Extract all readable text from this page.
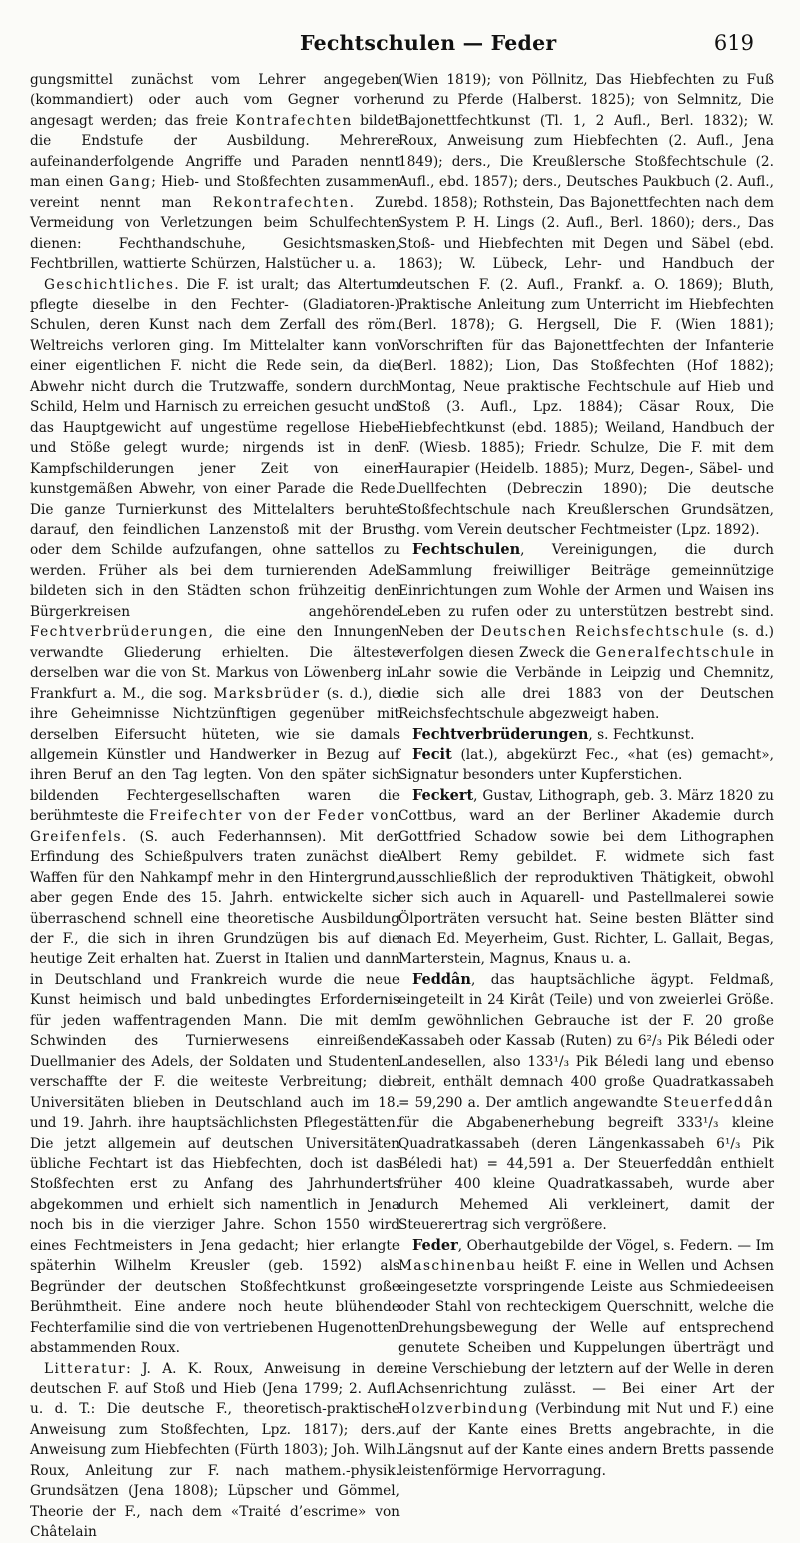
Fechtschulen — Feder	619

gungsmittel zunächst vom Lehrer angegeben (kommandiert) oder auch vom Gegner vorher angesagt werden; das freie Kontrafechten bildet die Endstufe der Ausbildung. Mehrere aufeinanderfolgende Angriffe und Paraden nennt man einen Gang; Hieb- und Stoßfechten zusammen vereint nennt man Rekontrafechten. Zur Vermeidung von Verletzungen beim Schulfechten dienen: Fechthandschuhe, Gesichtsmasken, Fechtbrillen, wattierte Schürzen, Halstücher u. a.

Geschichtliches. Die F. ist uralt; das Altertum pflegte dieselbe in den Fechter- (Gladiatoren-) Schulen, deren Kunst nach dem Zerfall des röm. Weltreichs verloren ging. Im Mittelalter kann von einer eigentlichen F. nicht die Rede sein, da die Abwehr nicht durch die Trutzwaffe, sondern durch Schild, Helm und Harnisch zu erreichen gesucht und das Hauptgewicht auf ungestüme regellose Hiebe und Stöße gelegt wurde; nirgends ist in den Kampfschilderungen jener Zeit von einer kunstgemäßen Abwehr, von einer Parade die Rede. Die ganze Turnierkunst des Mittelalters beruhte darauf, den feindlichen Lanzenstoß mit der Brust oder dem Schilde aufzufangen, ohne sattellos zu werden. Früher als bei dem turnierenden Adel bildeten sich in den Städten schon frühzeitig den Bürgerkreisen angehörende Fechtverbrüderungen, die eine den Innungen verwandte Gliederung erhielten. Die älteste derselben war die von St. Markus von Löwenberg in Frankfurt a. M., die sog. Marksbrüder (s. d.), die ihre Geheimnisse Nichtzünftigen gegenüber mit derselben Eifersucht hüteten, wie sie damals allgemein Künstler und Handwerker in Bezug auf ihren Beruf an den Tag legten. Von den später sich bildenden Fechtergesellschaften waren die berühmteste die Freifechter von der Feder von Greifenfels. (S. auch Federhannsen). Mit der Erfindung des Schießpulvers traten zunächst die Waffen für den Nahkampf mehr in den Hintergrund, aber gegen Ende des 15. Jahrh. entwickelte sich überraschend schnell eine theoretische Ausbildung der F., die sich in ihren Grundzügen bis auf die heutige Zeit erhalten hat. Zuerst in Italien und dann in Deutschland und Frankreich wurde die neue Kunst heimisch und bald unbedingtes Erfordernis für jeden waffentragenden Mann. Die mit dem Schwinden des Turnierwesens einreißende Duellmanier des Adels, der Soldaten und Studenten verschaffte der F. die weiteste Verbreitung; die Universitäten blieben in Deutschland auch im 18. und 19. Jahrh. ihre hauptsächlichsten Pflegestätten. Die jetzt allgemein auf deutschen Universitäten übliche Fechtart ist das Hiebfechten, doch ist das Stoßfechten erst zu Anfang des Jahrhunderts abgekommen und erhielt sich namentlich in Jena noch bis in die vierziger Jahre. Schon 1550 wird eines Fechtmeisters in Jena gedacht; hier erlangte späterhin Wilhelm Kreusler (geb. 1592) als Begründer der deutschen Stoßfechtkunst große Berühmtheit. Eine andere noch heute blühende Fechterfamilie sind die von vertriebenen Hugenotten abstammenden Roux.

Litteratur: J. A. K. Roux, Anweisung in der deutschen F. auf Stoß und Hieb (Jena 1799; 2. Aufl. u. d. T.: Die deutsche F., theoretisch-praktische Anweisung zum Stoßfechten, Lpz. 1817); ders., Anweisung zum Hiebfechten (Fürth 1803); Joh. Wilh. Roux, Anleitung zur F. nach mathem.-physik. Grundsätzen (Jena 1808); Lüpscher und Gömmel, Theorie der F., nach dem «Traité d’escrime» von Châtelain

(Wien 1819); von Pöllnitz, Das Hiebfechten zu Fuß und zu Pferde (Halberst. 1825); von Selmnitz, Die Bajonettfechtkunst (Tl. 1, 2 Aufl., Berl. 1832); W. Roux, Anweisung zum Hiebfechten (2. Aufl., Jena 1849); ders., Die Kreußlersche Stoßfechtschule (2. Aufl., ebd. 1857); ders., Deutsches Paukbuch (2. Aufl., ebd. 1858); Rothstein, Das Bajonettfechten nach dem System P. H. Lings (2. Aufl., Berl. 1860); ders., Das Stoß- und Hiebfechten mit Degen und Säbel (ebd. 1863); W. Lübeck, Lehr- und Handbuch der deutschen F. (2. Aufl., Frankf. a. O. 1869); Bluth, Praktische Anleitung zum Unterricht im Hiebfechten (Berl. 1878); G. Hergsell, Die F. (Wien 1881); Vorschriften für das Bajonettfechten der Infanterie (Berl. 1882); Lion, Das Stoßfechten (Hof 1882); Montag, Neue praktische Fechtschule auf Hieb und Stoß (3. Aufl., Lpz. 1884); Cäsar Roux, Die Hiebfechtkunst (ebd. 1885); Weiland, Handbuch der F. (Wiesb. 1885); Friedr. Schulze, Die F. mit dem Haurapier (Heidelb. 1885); Murz, Degen-, Säbel- und Duellfechten (Debreczin 1890); Die deutsche Stoßfechtschule nach Kreußlerschen Grundsätzen, hg. vom Verein deutscher Fechtmeister (Lpz. 1892).

Fechtschulen, Vereinigungen, die durch Sammlung freiwilliger Beiträge gemeinnützige Einrichtungen zum Wohle der Armen und Waisen ins Leben zu rufen oder zu unterstützen bestrebt sind. Neben der Deutschen Reichsfechtschule (s. d.) verfolgen diesen Zweck die Generalfechtschule in Lahr sowie die Verbände in Leipzig und Chemnitz, die sich alle drei 1883 von der Deutschen Reichsfechtschule abgezweigt haben.

Fechtverbrüderungen, s. Fechtkunst.

Fecit (lat.), abgekürzt Fec., «hat (es) gemacht», Signatur besonders unter Kupferstichen.

Feckert, Gustav, Lithograph, geb. 3. März 1820 zu Cottbus, ward an der Berliner Akademie durch Gottfried Schadow sowie bei dem Lithographen Albert Remy gebildet. F. widmete sich fast ausschließlich der reproduktiven Thätigkeit, obwohl er sich auch in Aquarell- und Pastellmalerei sowie Ölporträten versucht hat. Seine besten Blätter sind nach Ed. Meyerheim, Gust. Richter, L. Gallait, Begas, Marterstein, Magnus, Knaus u. a.

Feddân, das hauptsächliche ägypt. Feldmaß, eingeteilt in 24 Kirât (Teile) und von zweierlei Größe. Im gewöhnlichen Gebrauche ist der F. 20 große Kassabeh oder Kassab (Ruten) zu 6²/₃ Pik Béledi oder Landesellen, also 133¹/₃ Pik Béledi lang und ebenso breit, enthält demnach 400 große Quadratkassabeh = 59,290 a. Der amtlich angewandte Steuerfeddân für die Abgabenerhebung begreift 333¹/₃ kleine Quadratkassabeh (deren Längenkassabeh 6¹/₃ Pik Béledi hat) = 44,591 a. Der Steuerfeddân enthielt früher 400 kleine Quadratkassabeh, wurde aber durch Mehemed Ali verkleinert, damit der Steuerertrag sich vergrößere.

Feder, Oberhautgebilde der Vögel, s. Federn. — Im Maschinenbau heißt F. eine in Wellen und Achsen eingesetzte vorspringende Leiste aus Schmiedeeisen oder Stahl von rechteckigem Querschnitt, welche die Drehungsbewegung der Welle auf entsprechend genutete Scheiben und Kuppelungen überträgt und eine Verschiebung der letztern auf der Welle in deren Achsenrichtung zulässt. — Bei einer Art der Holzverbindung (Verbindung mit Nut und F.) eine auf der Kante eines Bretts angebrachte, in die Längsnut auf der Kante eines andern Bretts passende leistenförmige Hervorragung.
